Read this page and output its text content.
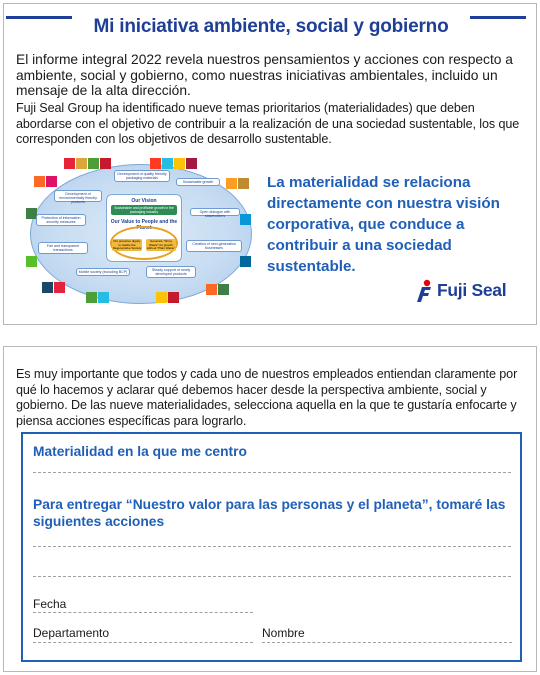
Mi iniciativa ambiente, social y gobierno
El informe integral 2022 revela nuestros pensamientos y acciones con respecto a ambiente, social y gobierno, como nuestras iniciativas ambientales, incluido un mensaje de la alta dirección.
Fuji Seal Group ha identificado nueve temas prioritarios (materialidades) que deben abordarse con el objetivo de contribuir a la realización de una sociedad sustentable, los que corresponden con los objetivos de desarrollo sustentable.
Development of quality friendly packaging materials
Sustainable growth
Development of environmentally friendly products
Open dialogue with stakeholders
Protection of information security measures
Creation of next-generation businesses
Fair and transparent transactions
Mobile society (including BCP)	Steady support of newly developed products
Our Vision
Sustainable and profitable growth in the packaging industry
Our Value to People and the Planet
Put proactive dignity to realize the Regenerative Society
Generate "Shiny Waste" for growth without "Plain Waste"
La materialidad se relaciona directamente con nuestra visión corporativa, que conduce a contribuir a una sociedad sustentable.
Fuji Seal
Es muy importante que todos y cada uno de nuestros empleados entiendan claramente por qué lo hacemos y aclarar qué debemos hacer desde la perspectiva ambiente, social y gobierno. De las nueve materialidades, selecciona aquella en la que te gustaría enfocarte y piensa acciones específicas para lograrlo.
Materialidad en la que me centro
Para entregar “Nuestro valor para las personas y el planeta”, tomaré las siguientes acciones
Fecha
Departamento	Nombre
